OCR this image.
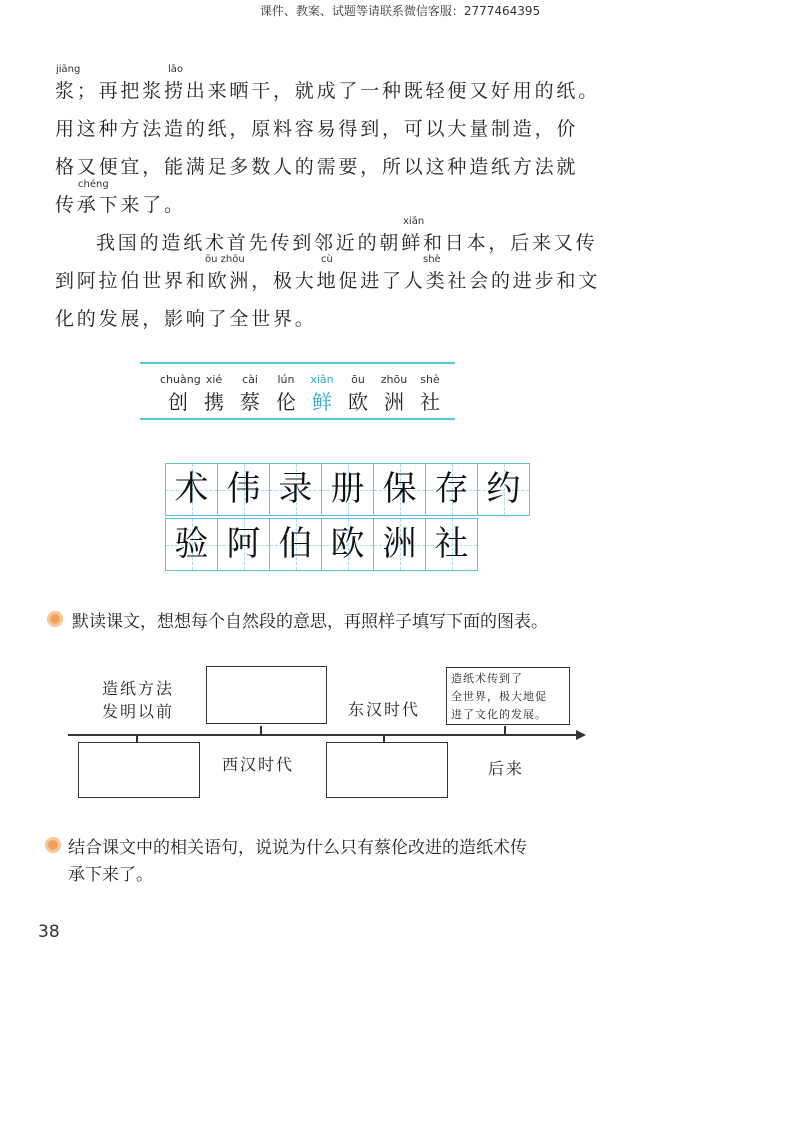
课件、教案、试题等请联系微信客服：2777464395
jiāng	lāo
chéng
xiǎn
ōu zhōu	cù	shè
浆；再把浆捞出来晒干，就成了一种既轻便又好用的纸。
用这种方法造的纸，原料容易得到，可以大量制造，价
格又便宜，能满足多数人的需要，所以这种造纸方法就
传承下来了。
我国的造纸术首先传到邻近的朝鲜和日本，后来又传
到阿拉伯世界和欧洲，极大地促进了人类社会的进步和文
化的发展，影响了全世界。
chuàng
创
xié
携
cài
蔡
lún
伦
xiǎn
鲜
ōu
欧
zhōu
洲
shè
社
术 伟 录 册 保 存 约
验 阿 伯 欧 洲 社
默读课文，想想每个自然段的意思，再照样子填写下面的图表。
造纸方法
发明以前	东汉时代
造纸术传到了
全世界，极大地促
进了文化的发展。
西汉时代	后来
结合课文中的相关语句，说说为什么只有蔡伦改进的造纸术传
承下来了。
38
